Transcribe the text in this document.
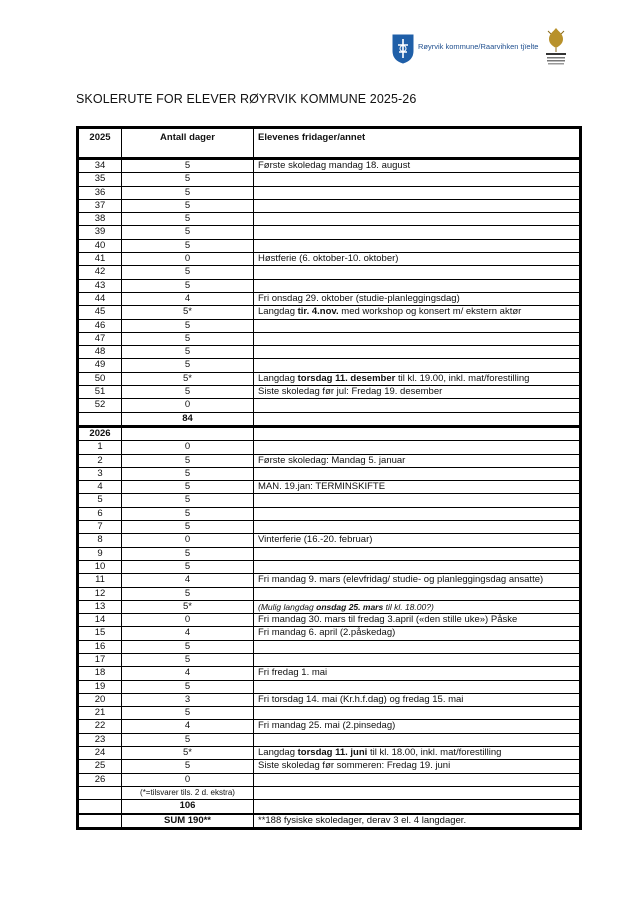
Røyrvik kommune/Raarvihken tjïelte
SKOLERUTE FOR ELEVER RØYRVIK KOMMUNE 2025-26
2025	Antall dager	Elevenes fridager/annet
34	5	Første skoledag mandag 18. august
35	5	
36	5	
37	5	
38	5	
39	5	
40	5	
41	0	Høstferie (6. oktober-10. oktober)
42	5	
43	5	
44	4	Fri onsdag 29. oktober (studie-planleggingsdag)
45	5*	Langdag tir. 4.nov. med workshop og konsert m/ ekstern aktør
46	5	
47	5	
48	5	
49	5	
50	5*	Langdag torsdag 11. desember til kl. 19.00, inkl. mat/forestilling
51	5	Siste skoledag før jul: Fredag 19. desember
52	0	
	84	
2026		
1	0	
2	5	Første skoledag: Mandag 5. januar
3	5	
4	5	MAN. 19.jan: TERMINSKIFTE
5	5	
6	5	
7	5	
8	0	Vinterferie (16.-20. februar)
9	5	
10	5	
11	4	Fri mandag 9. mars (elevfridag/ studie- og planleggingsdag ansatte)
12	5	
13	5*	(Mulig langdag onsdag 25. mars til kl. 18.00?)
14	0	Fri mandag 30. mars til fredag 3.april («den stille uke») Påske
15	4	Fri mandag 6. april (2.påskedag)
16	5	
17	5	
18	4	Fri fredag 1. mai
19	5	
20	3	Fri torsdag 14. mai (Kr.h.f.dag) og fredag 15. mai
21	5	
22	4	Fri mandag 25. mai (2.pinsedag)
23	5	
24	5*	Langdag torsdag 11. juni til kl. 18.00, inkl. mat/forestilling
25	5	Siste skoledag før sommeren: Fredag 19. juni
26	0	
	(*=tilsvarer tils. 2 d. ekstra)	
	106	
	SUM 190**	**188 fysiske skoledager, derav 3 el. 4 langdager.
